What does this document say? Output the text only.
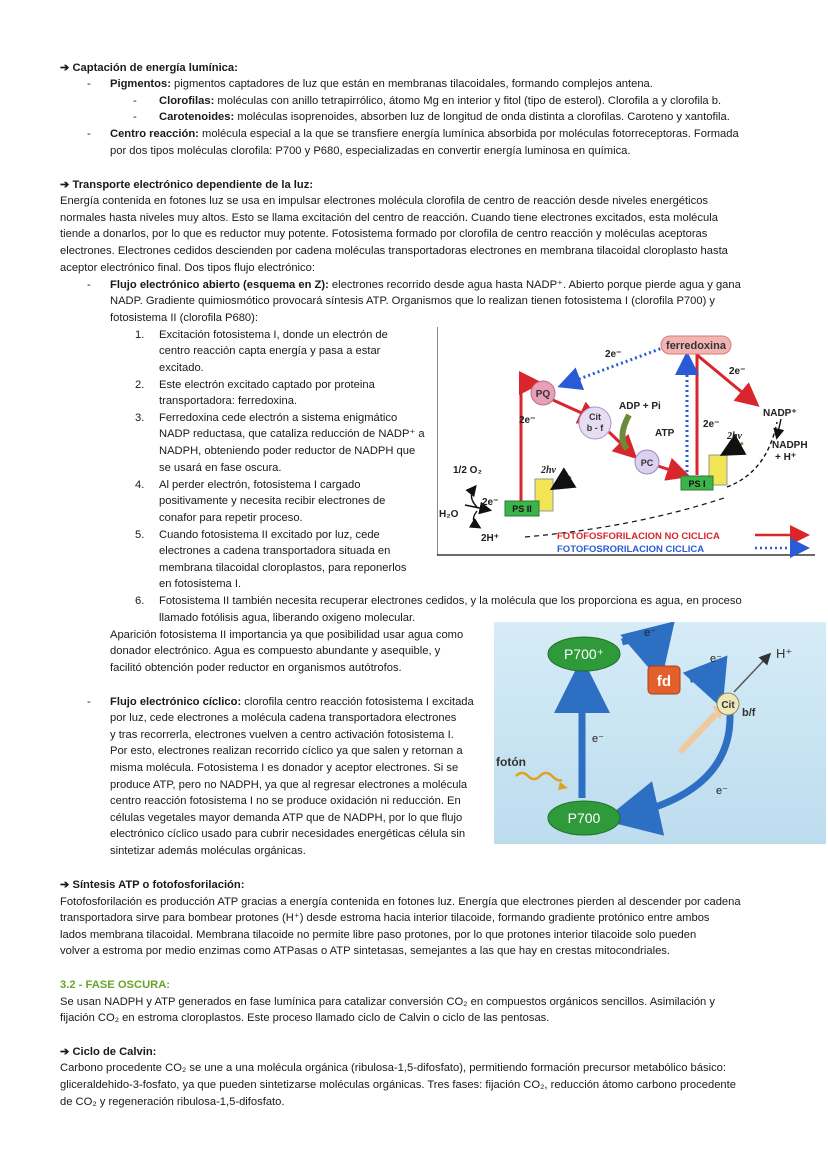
➔ Captación de energía lumínica:
- Pigmentos: pigmentos captadores de luz que están en membranas tilacoidales, formando complejos antena.
- Clorofilas: moléculas con anillo tetrapirrólico, átomo Mg en interior y fitol (tipo de esterol). Clorofila a y clorofila b.
- Carotenoides: moléculas isoprenoides, absorben luz de longitud de onda distinta a clorofilas. Caroteno y xantofila.
- Centro reacción: molécula especial a la que se transfiere energía lumínica absorbida por moléculas fotorreceptoras. Formada
por dos tipos moléculas clorofila: P700 y P680, especializadas en convertir energía luminosa en química.
➔ Transporte electrónico dependiente de la luz:
Energía contenida en fotones luz se usa en impulsar electrones molécula clorofila de centro de reacción desde niveles energéticos
normales hasta niveles muy altos. Esto se llama excitación del centro de reacción. Cuando tiene electrones excitados, esta molécula
tiende a donarlos, por lo que es reductor muy potente. Fotosistema formado por clorofila de centro reacción y moléculas aceptoras
electrones. Electrones cedidos descienden por cadena moléculas transportadoras electrones en membrana tilacoidal cloroplasto hasta
aceptor electrónico final. Dos tipos flujo electrónico:
- Flujo electrónico abierto (esquema en Z): electrones recorrido desde agua hasta NADP⁺. Abierto porque pierde agua y gana
NADP. Gradiente quimiosmótico provocará síntesis ATP. Organismos que lo realizan tienen fotosistema I (clorofila P700) y
fotosistema II (clorofila P680):
1. Excitación fotosistema I, donde un electrón de
centro reacción capta energía y pasa a estar
excitado.
2. Este electrón excitado captado por proteina
transportadora: ferredoxina.
3. Ferredoxina cede electrón a sistema enigmático
NADP reductasa, que cataliza reducción de NADP⁺ a
NADPH, obteniendo poder reductor de NADPH que
se usará en fase oscura.
4. Al perder electrón, fotosistema I cargado
positivamente y necesita recibir electrones de
conafor para repetir proceso.
5. Cuando fotosistema II excitado por luz, cede
electrones a cadena transportadora situada en
membrana tilacoidal cloroplastos, para reponerlos
en fotosistema I.
6. Fotosistema II también necesita recuperar electrones cedidos, y la molécula que los proporciona es agua, en proceso
llamado fotólisis agua, liberando oxigeno molecular.
ferredoxina
PQ
Cit
b - f
PC
ADP + Pi
ATP
PS I
PS II
2e⁻
2e⁻
2e⁻	2e⁻
2e⁻
2hν
2hν
NADP⁺
NADPH
+ H⁺
1/2 O₂
H₂O
2H⁺	FOTOFOSFORILACION NO CICLICA
FOTOFOSRORILACION CICLICA
Aparición fotosistema II importancia ya que posibilidad usar agua como
donador electrónico. Agua es compuesto abundante y asequible, y
facilitó obtención poder reductor en organismos autótrofos.
- Flujo electrónico cíclico: clorofila centro reacción fotosistema I excitada
por luz, cede electrones a molécula cadena transportadora electrones
y tras recorrerla, electrones vuelven a centro activación fotosistema I.
Por esto, electrones realizan recorrido cíclico ya que salen y retornan a
misma molécula. Fotosistema I es donador y aceptor electrones. Si se
produce ATP, pero no NADPH, ya que al regresar electrones a molécula
centro reacción fotosistema I no se produce oxidación ni reducción. En
células vegetales mayor demanda ATP que de NADPH, por lo que flujo
electrónico cíclico usado para cubrir necesidades energéticas célula sin
sintetizar además moléculas orgánicas.
P700⁺
P700
fd
Cit
b/f
H⁺
e⁻
e⁻
e⁻
e⁻
fotón
➔ Síntesis ATP o fotofosforilación:
Fotofosforilación es producción ATP gracias a energía contenida en fotones luz. Energía que electrones pierden al descender por cadena
transportadora sirve para bombear protones (H⁺) desde estroma hacia interior tilacoide, formando gradiente protónico entre ambos
lados membrana tilacoidal. Membrana tilacoide no permite libre paso protones, por lo que protones interior tilacoide solo pueden
volver a estroma por medio enzimas como ATPasas o ATP sintetasas, semejantes a las que hay en crestas mitocondriales.
3.2 - FASE OSCURA:
Se usan NADPH y ATP generados en fase lumínica para catalizar conversión CO₂ en compuestos orgánicos sencillos. Asimilación y
fijación CO₂ en estroma cloroplastos. Este proceso llamado ciclo de Calvin o ciclo de las pentosas.
➔ Ciclo de Calvin:
Carbono procedente CO₂ se une a una molécula orgánica (ribulosa-1,5-difosfato), permitiendo formación precursor metabólico básico:
gliceraldehido-3-fosfato, ya que pueden sintetizarse moléculas orgánicas. Tres fases: fijación CO₂, reducción átomo carbono procedente
de CO₂ y regeneración ribulosa-1,5-difosfato.
